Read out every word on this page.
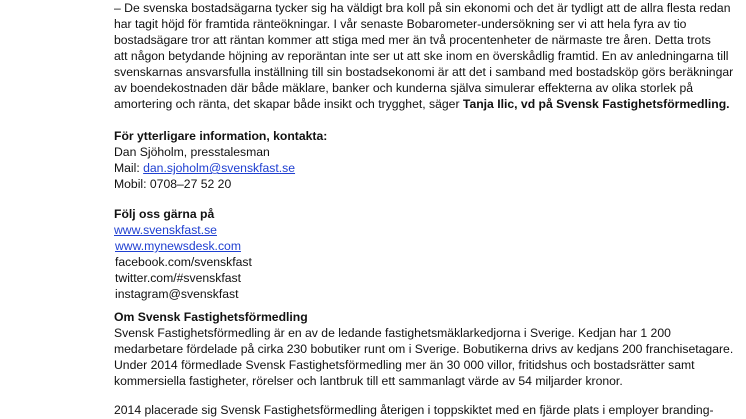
– De svenska bostadsägarna tycker sig ha väldigt bra koll på sin ekonomi och det är tydligt att de allra flesta redan
har tagit höjd för framtida ränteökningar. I vår senaste Bobarometer-undersökning ser vi att hela fyra av tio
bostadsägare tror att räntan kommer att stiga med mer än två procentenheter de närmaste tre åren. Detta trots
att någon betydande höjning av reporäntan inte ser ut att ske inom en överskådlig framtid. En av anledningarna till
svenskarnas ansvarsfulla inställning till sin bostadsekonomi är att det i samband med bostadsköp görs beräkningar
av boendekostnaden där både mäklare, banker och kunderna själva simulerar effekterna av olika storlek på
amortering och ränta, det skapar både insikt och trygghet, säger Tanja Ilic, vd på Svensk Fastighetsförmedling.
För ytterligare information, kontakta:
Dan Sjöholm, presstalesman
Mail: dan.sjoholm@svenskfast.se
Mobil: 0708–27 52 20
Följ oss gärna på
www.svenskfast.se
www.mynewsdesk.com
facebook.com/svenskfast
twitter.com/#svenskfast
instagram@svenskfast
Om Svensk Fastighetsförmedling
Svensk Fastighetsförmedling är en av de ledande fastighetsmäklarkedjorna i Sverige. Kedjan har 1 200
medarbetare fördelade på cirka 230 bobutiker runt om i Sverige. Bobutikerna drivs av kedjans 200 franchisetagare.
Under 2014 förmedlade Svensk Fastighetsförmedling mer än 30 000 villor, fritidshus och bostadsrätter samt
kommersiella fastigheter, rörelser och lantbruk till ett sammanlagt värde av 54 miljarder kronor.
2014 placerade sig Svensk Fastighetsförmedling återigen i toppskiktet med en fjärde plats i employer branding-
